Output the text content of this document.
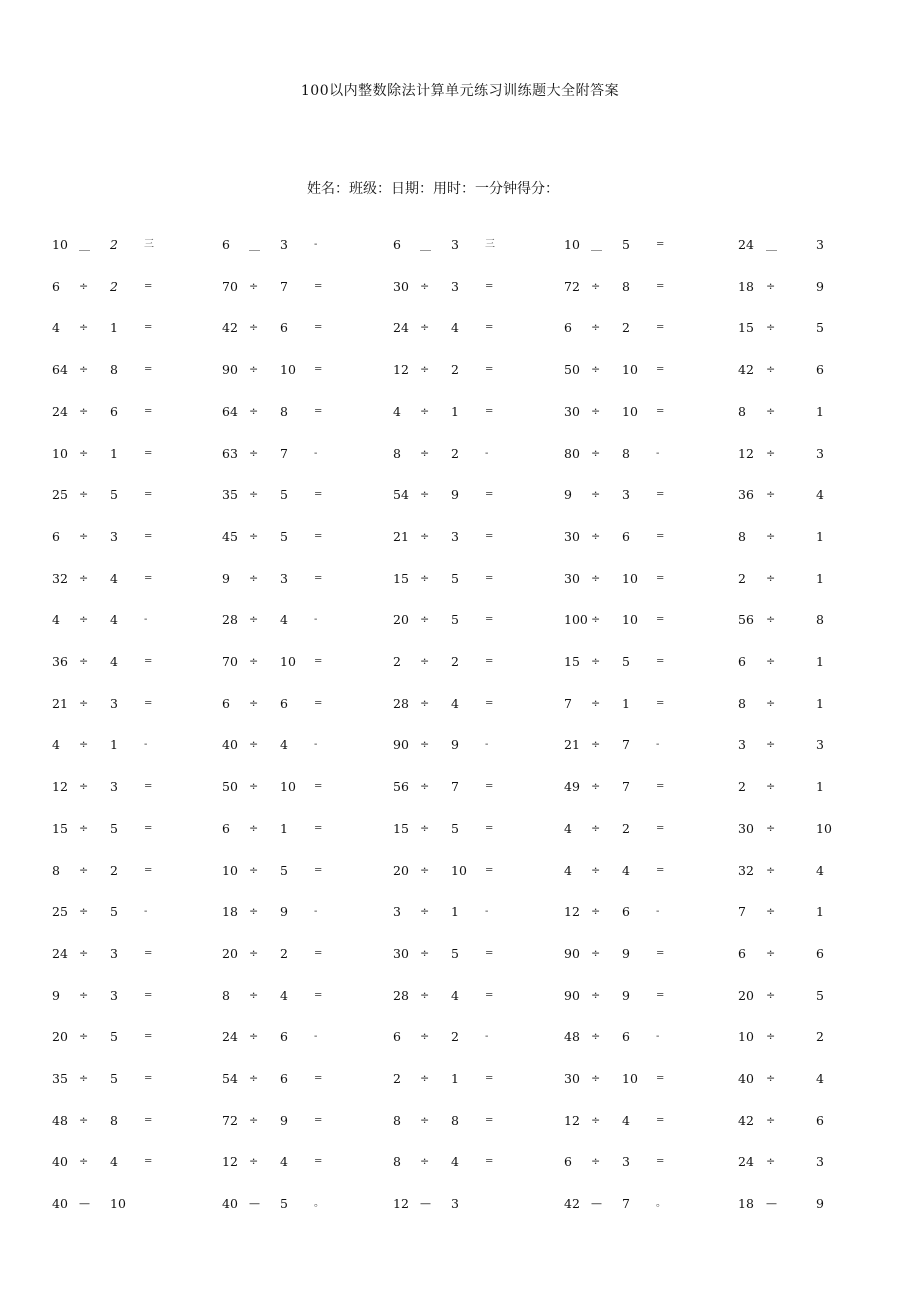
100以内整数除法计算单元练习训练题大全附答案
姓名：班级：日期：用时：一分钟得分：
10 __ 2	三	6 __ 3	-	6 __ 3	三	10 __ 5	=	24 __	3
6 ÷ 2	=	70 ÷ 7	=	30 ÷ 3	=	72 ÷ 8	=	18 ÷	9
4 ÷ 1	=	42 ÷ 6	=	24 ÷ 4	=	6 ÷ 2	=	15 ÷	5
64 ÷ 8	=	90 ÷ 10 =	12 ÷ 2	=	50 ÷ 10 =	42 ÷	6
24 ÷ 6	=	64 ÷ 8	=	4 ÷ 1	=	30 ÷ 10 =	8 ÷	1
10 ÷ 1	=	63 ÷ 7	-	8 ÷ 2	-	80 ÷ 8	-	12 ÷	3
25 ÷ 5	=	35 ÷ 5	=	54 ÷ 9	=	9 ÷ 3	=	36 ÷	4
6 ÷ 3	=	45 ÷ 5	=	21 ÷ 3	=	30 ÷ 6	=	8 ÷	1
32 ÷ 4	=	9 ÷ 3	=	15 ÷ 5	=	30 ÷ 10 =	2 ÷	1
4 ÷ 4	-	28 ÷ 4	-	20 ÷ 5	=	100 ÷ 10 =	56 ÷	8
36 ÷ 4	=	70 ÷ 10 =	2 ÷ 2	=	15 ÷ 5	=	6 ÷	1
21 ÷ 3	=	6 ÷ 6	=	28 ÷ 4	=	7 ÷ 1	=	8 ÷	1
4 ÷ 1	-	40 ÷ 4	-	90 ÷ 9	-	21 ÷ 7	-	3 ÷	3
12 ÷ 3	=	50 ÷ 10 =	56 ÷ 7	=	49 ÷ 7	=	2 ÷	1
15 ÷ 5	=	6 ÷ 1	=	15 ÷ 5	=	4 ÷ 2	=	30 ÷	10
8 ÷ 2	=	10 ÷ 5	=	20 ÷ 10 =	4 ÷ 4	=	32 ÷	4
25 ÷ 5	-	18 ÷ 9	-	3 ÷ 1	-	12 ÷ 6	-	7 ÷	1
24 ÷ 3	=	20 ÷ 2	=	30 ÷ 5	=	90 ÷ 9	=	6 ÷	6
9 ÷ 3	=	8 ÷ 4	=	28 ÷ 4	=	90 ÷ 9	=	20 ÷	5
20 ÷ 5	=	24 ÷ 6	-	6 ÷ 2	-	48 ÷ 6	-	10 ÷	2
35 ÷ 5	=	54 ÷ 6	=	2 ÷ 1	=	30 ÷ 10 =	40 ÷	4
48 ÷ 8	=	72 ÷ 9	=	8 ÷ 8	=	12 ÷ 4	=	42 ÷	6
40 ÷ 4	=	12 ÷ 4	=	8 ÷ 4	=	6 ÷ 3	=	24 ÷	3
40 — 10	40 — 5	。	12 — 3	42 — 7	。	18 —	9
